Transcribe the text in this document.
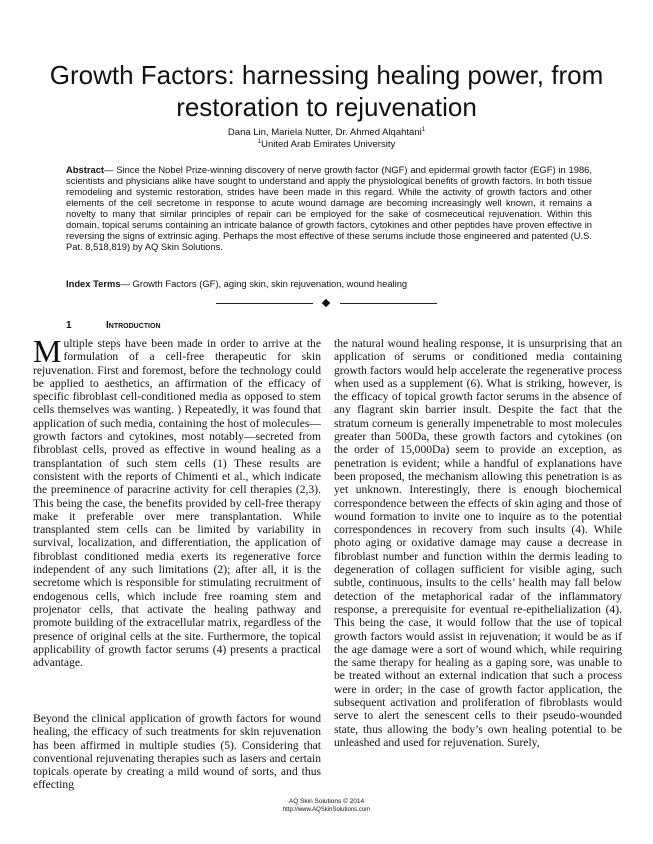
Growth Factors: harnessing healing power, from restoration to rejuvenation
Dana Lin, Mariela Nutter, Dr. Ahmed Alqahtani$^1$
$^1$United Arab Emirates University

Abstract— Since the Nobel Prize-winning discovery of nerve growth factor (NGF) and epidermal growth factor (EGF) in 1986, scientists and physicians alike have sought to understand and apply the physiological benefits of growth factors. In both tissue remodeling and systemic restoration, strides have been made in this regard. While the activity of growth factors and other elements of the cell secretome in response to acute wound damage are becoming increasingly well known, it remains a novelty to many that similar principles of repair can be employed for the sake of cosmeceutical rejuvenation. Within this domain, topical serums containing an intricate balance of growth factors, cytokines and other peptides have proven effective in reversing the signs of extrinsic aging. Perhaps the most effective of these serums include those engineered and patented (U.S. Pat. 8,518,819) by AQ Skin Solutions.

Index Terms— Growth Factors (GF), aging skin, skin rejuvenation, wound healing

1	Introduction

Multiple steps have been made in order to arrive at the formulation of a cell-free therapeutic for skin rejuvenation. First and foremost, before the technology could be applied to aesthetics, an affirmation of the efficacy of specific fibroblast cell-conditioned media as opposed to stem cells themselves was wanting. ) Repeatedly, it was found that application of such media, containing the host of molecules—growth factors and cytokines, most notably—secreted from fibroblast cells, proved as effective in wound healing as a transplantation of such stem cells (1) These results are consistent with the reports of Chimenti et al., which indicate the preeminence of paracrine activity for cell therapies (2,3). This being the case, the benefits provided by cell-free therapy make it preferable over mere transplantation. While transplanted stem cells can be limited by variability in survival, localization, and differentiation, the application of fibroblast conditioned media exerts its regenerative force independent of any such limitations (2); after all, it is the secretome which is responsible for stimulating recruitment of endogenous cells, which include free roaming stem and projenator cells, that activate the healing pathway and promote building of the extracellular matrix, regardless of the presence of original cells at the site. Furthermore, the topical applicability of growth factor serums (4) presents a practical advantage.

Beyond the clinical application of growth factors for wound healing, the efficacy of such treatments for skin rejuvenation has been affirmed in multiple studies (5). Considering that conventional rejuvenating therapies such as lasers and certain topicals operate by creating a mild wound of sorts, and thus effecting

the natural wound healing response, it is unsurprising that an application of serums or conditioned media containing growth factors would help accelerate the regenerative process when used as a supplement (6). What is striking, however, is the efficacy of topical growth factor serums in the absence of any flagrant skin barrier insult. Despite the fact that the stratum corneum is generally impenetrable to most molecules greater than 500Da, these growth factors and cytokines (on the order of 15,000Da) seem to provide an exception, as penetration is evident; while a handful of explanations have been proposed, the mechanism allowing this penetration is as yet unknown. Interestingly, there is enough biochemical correspondence between the effects of skin aging and those of wound formation to invite one to inquire as to the potential correspondences in recovery from such insults (4). While photo aging or oxidative damage may cause a decrease in fibroblast number and function within the dermis leading to degeneration of collagen sufficient for visible aging, such subtle, continuous, insults to the cells’ health may fall below detection of the metaphorical radar of the inflammatory response, a prerequisite for eventual re-epithelialization (4). This being the case, it would follow that the use of topical growth factors would assist in rejuvenation; it would be as if the age damage were a sort of wound which, while requiring the same therapy for healing as a gaping sore, was unable to be treated without an external indication that such a process were in order; in the case of growth factor application, the subsequent activation and proliferation of fibroblasts would serve to alert the senescent cells to their pseudo-wounded state, thus allowing the body’s own healing potential to be unleashed and used for rejuvenation. Surely,

AQ Skin Solutions © 2014
http://www.AQSkinSolutions.com
